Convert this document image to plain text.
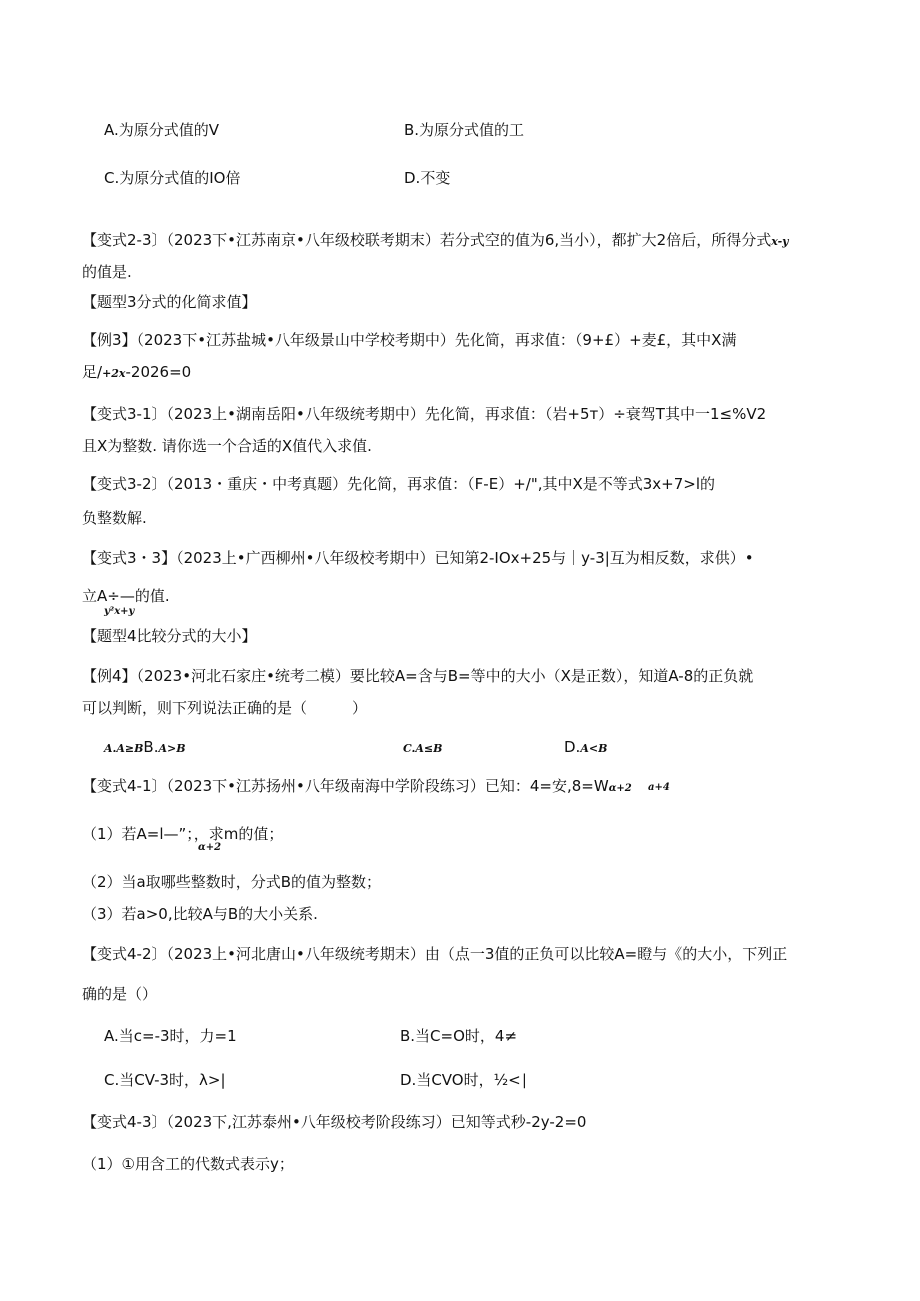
A.为原分式值的V	B.为原分式值的工
C.为原分式值的IO倍	D.不变
【变式2-3〕（2023下•江苏南京•八年级校联考期末）若分式空的值为6,当小），都扩大2倍后，所得分式x-y
的值是.
【题型3分式的化简求值】
【例3】（2023下•江苏盐城•八年级景山中学校考期中）先化简，再求值：（9+£）+麦£，其中X满
足/+2x-2026=0
【变式3-1〕（2023上•湖南岳阳•八年级统考期中）先化简，再求值：（岩+5т）÷衰驾T其中一1≤%V2
且X为整数. 请你选一个合适的X值代入求值.
【变式3-2〕（2013・重庆・中考真题）先化简，再求值：（F-E）+/",其中X是不等式3x+7>l的
负整数解.
【变式3・3】（2023上•广西柳州•八年级校考期中）已知第2-IOx+25与｜y-3|互为相反数，求供）•
立A÷—的值.
y²x+y
【题型4比较分式的大小】
【例4】（2023•河北石家庄•统考二模）要比较A=含与B=等中的大小（X是正数），知道A-8的正负就
可以判断，则下列说法正确的是（　　　）
A.A≥BB.A>B	C.A≤B	D.A<B
【变式4-1〕（2023下•江苏扬州•八年级南海中学阶段练习）已知：4=安,8=Wα+2 a+4
（1）若A=l—”；，求m的值；
α+2
（2）当a取哪些整数时，分式B的值为整数；
（3）若a>0,比较A与B的大小关系.
【变式4-2〕（2023上•河北唐山•八年级统考期末）由（点一3值的正负可以比较A=瞪与《的大小，下列正
确的是（）
A.当c=-3时，力=1	B.当C=O时，4≠
C.当CV-3时，λ>|	D.当CVO时，½<∣
【变式4-3〕（2023下,江苏泰州•八年级校考阶段练习）已知等式秒-2y-2=0
（1）①用含工的代数式表示y；
